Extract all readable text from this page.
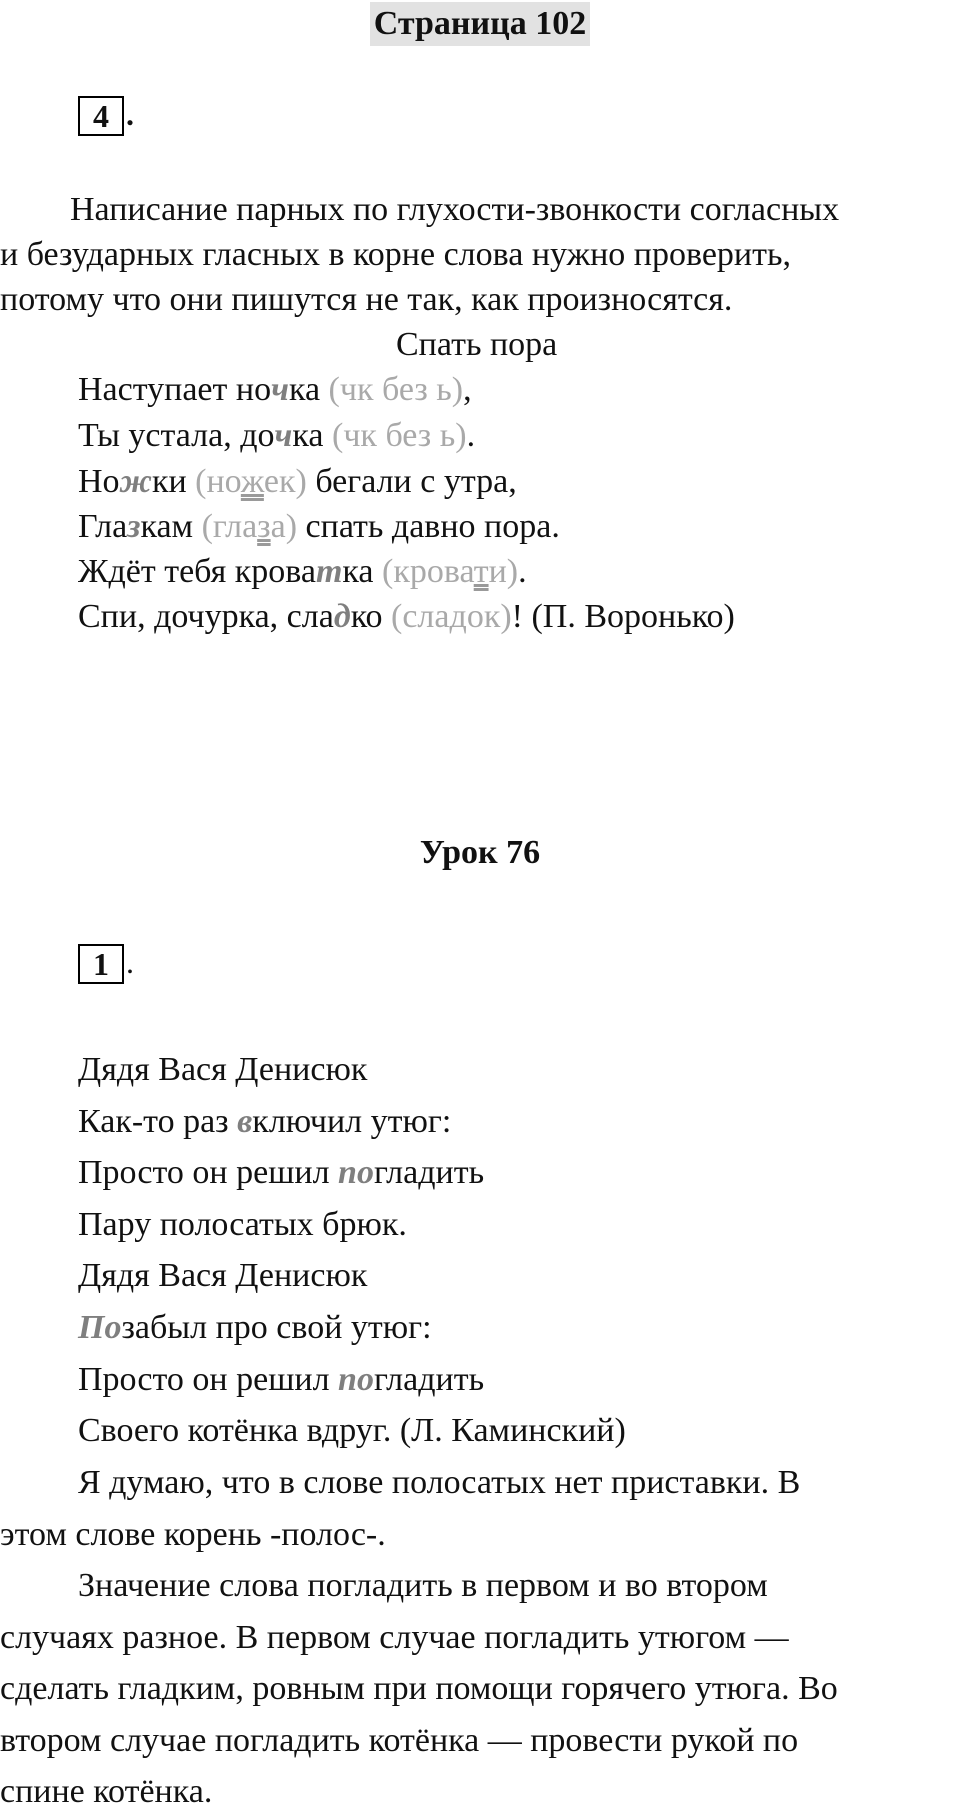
Страница 102
4 .
Написание парных по глухости-звонкости согласных
и безударных гласных в корне слова нужно проверить,
потому что они пишутся не так, как произносятся.
Спать пора
Наступает ночка (чк без ь),
Ты устала, дочка (чк без ь).
Ножки (ножек) бегали с утра,
Глазкам (глаза) спать давно пора.
Ждёт тебя кроватка (кровати).
Спи, дочурка, сладко (сладок)! (П. Воронько)
Урок 76
1 .
Дядя Вася Денисюк
Как-то раз включил утюг:
Просто он решил погладить
Пару полосатых брюк.
Дядя Вася Денисюк
Позабыл про свой утюг:
Просто он решил погладить
Своего котёнка вдруг. (Л. Каминский)
Я думаю, что в слове полосатых нет приставки. В
этом слове корень -полос-.
Значение слова погладить в первом и во втором
случаях разное. В первом случае погладить утюгом —
сделать гладким, ровным при помощи горячего утюга. Во
втором случае погладить котёнка — провести рукой по
спине котёнка.
